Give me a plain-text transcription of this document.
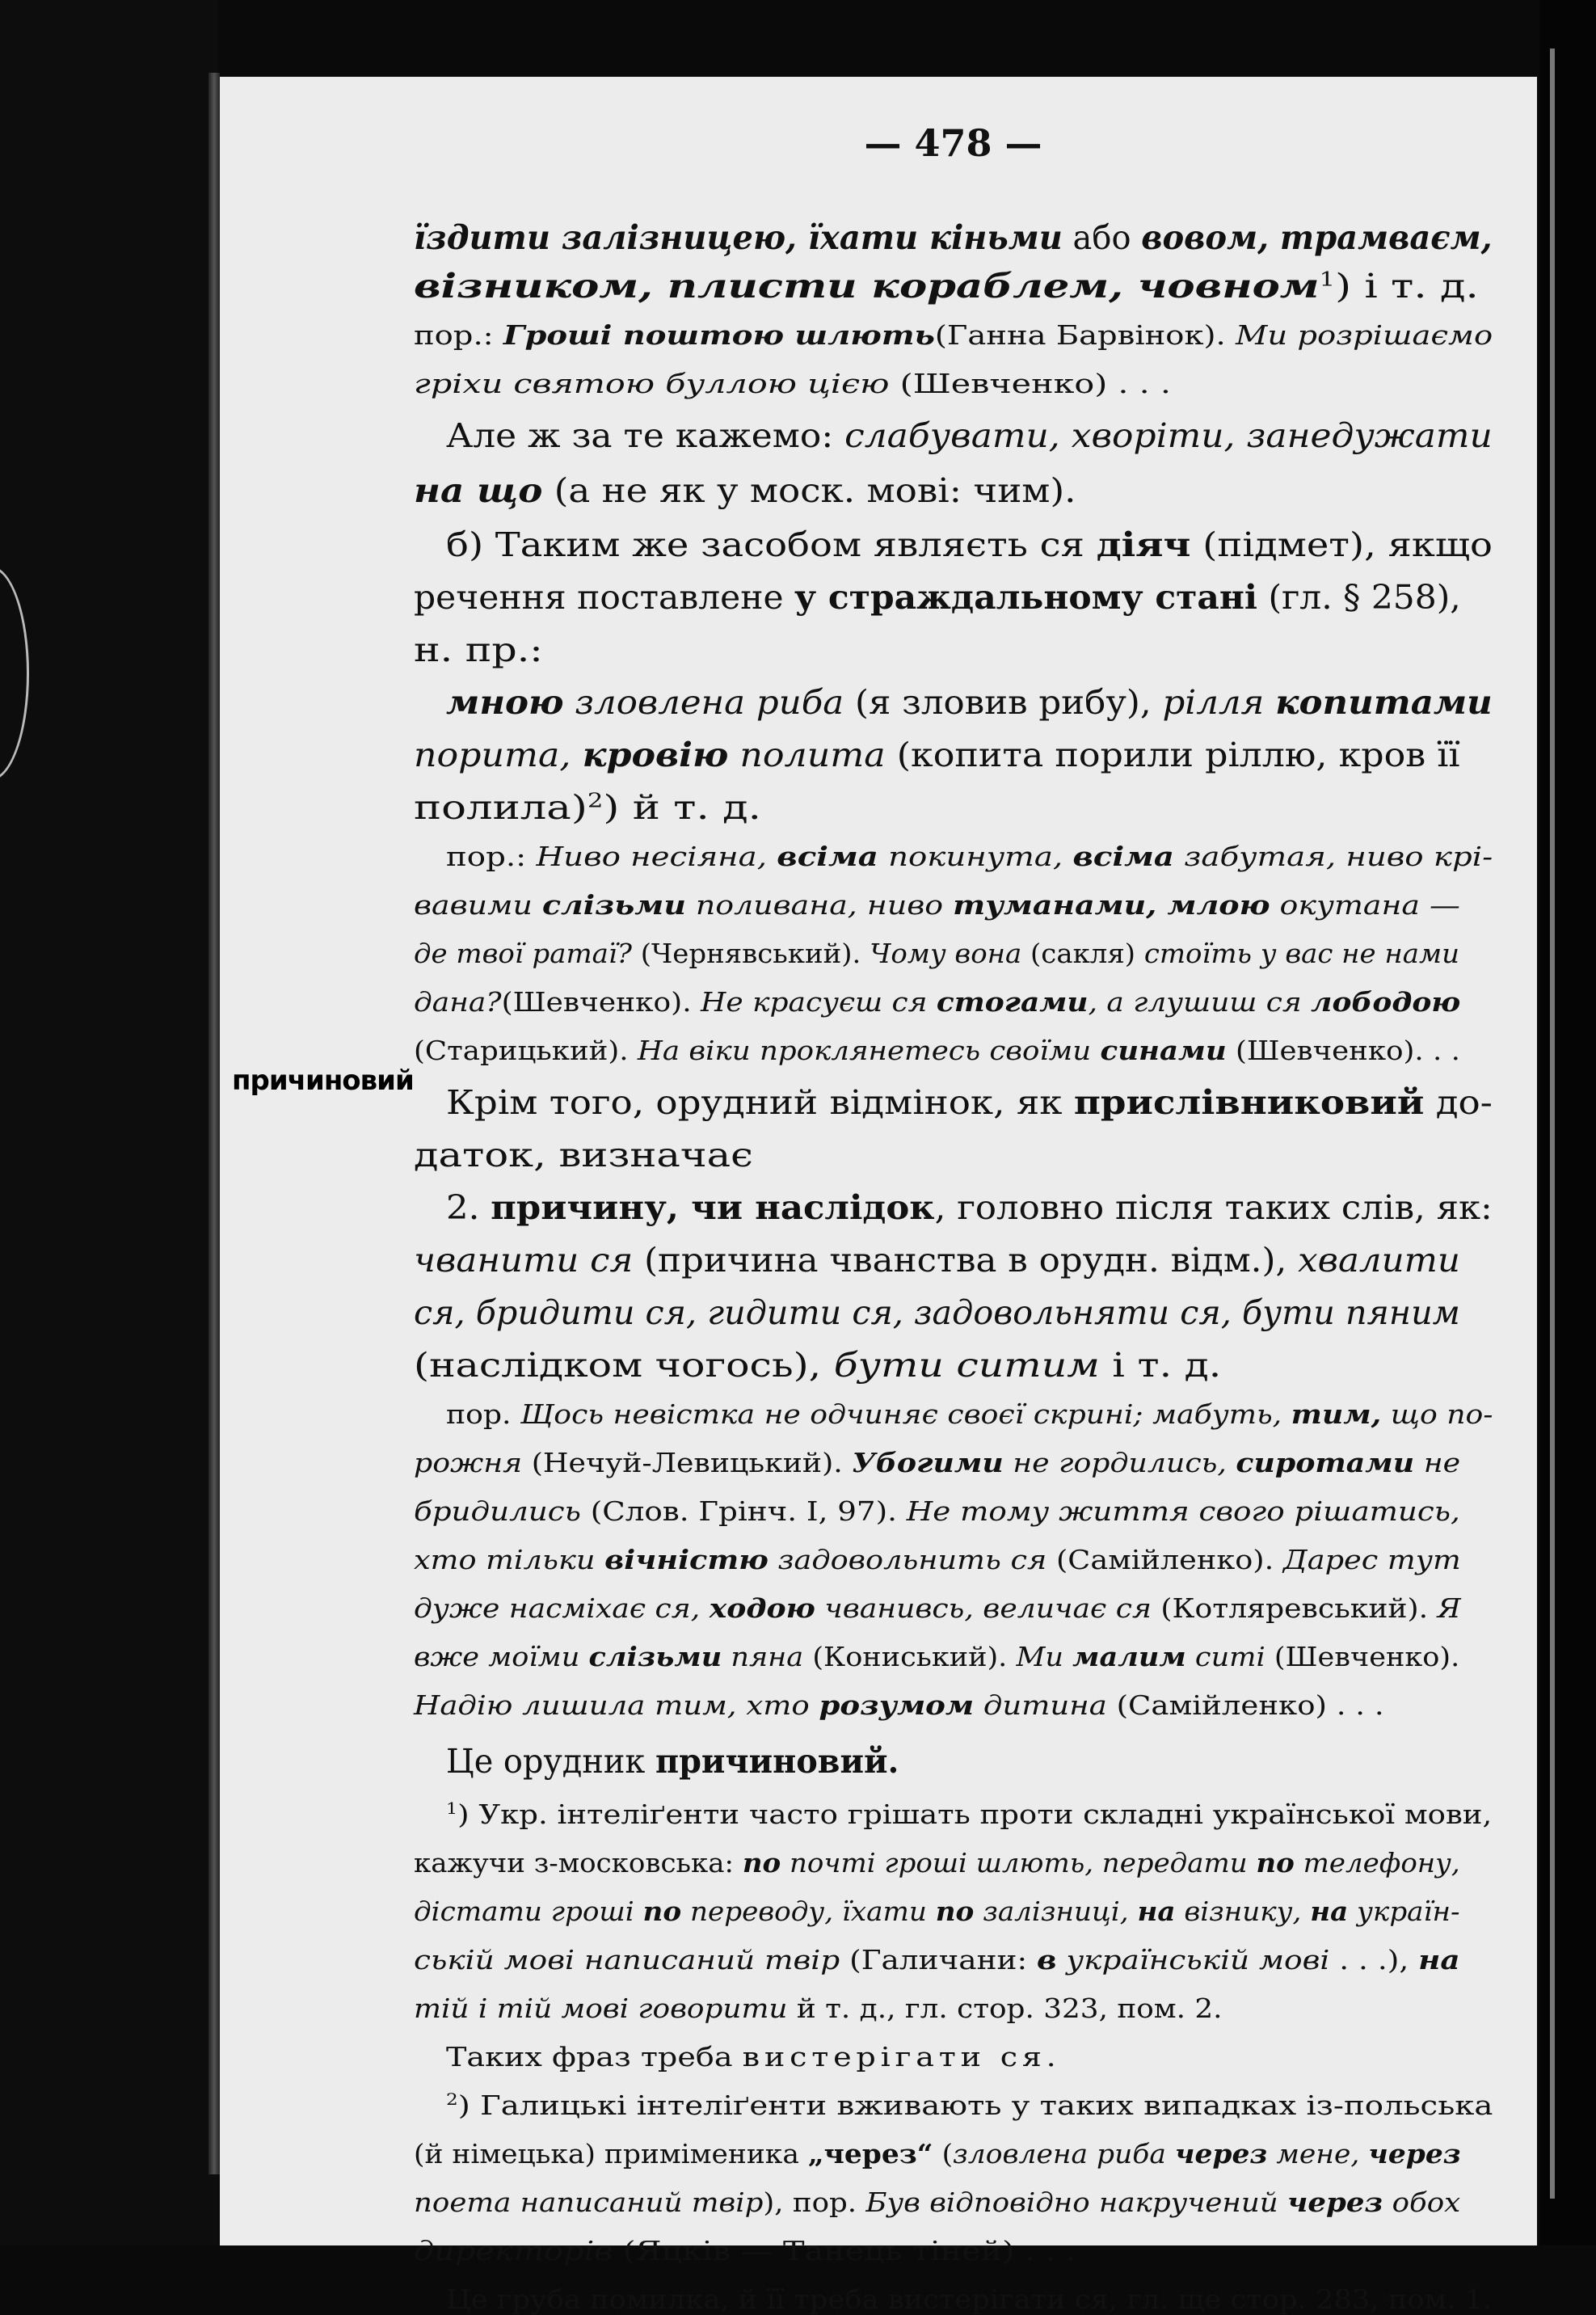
причиновий
— 478 —
їздити залізницею, їхати кіньми або вовом, трамваєм,
візником, плисти кораблем, човном$^1$) і т. д.
пор.: Гроші поштою шлють(Ганна Барвінок). Ми розрішаємо
гріхи святою буллою цією (Шевченко) . . .
Але ж за те кажемо: слабувати, хворіти, занедужати
на що (а не як у моск. мові: чим).
б) Таким же засобом являєть ся діяч (підмет), якщо
речення поставлене у страждальному стані (гл. § 258),
н. пр.:
мною зловлена риба (я зловив рибу), рілля копитами
порита, кровію полита (копита порили ріллю, кров її
полила)$^2$) й т. д.
пор.: Ниво несіяна, всіма покинута, всіма забутая, ниво крі-
вавими слізьми поливана, ниво туманами, млою окутана —
де твої ратаї? (Чернявський). Чому вона (сакля) стоїть у вас не нами
дана?(Шевченко). Не красуєш ся стогами, а глушиш ся лободою
(Старицький). На віки проклянетесь своїми синами (Шевченко). . .
Крім того, орудний відмінок, як прислівниковий до-
даток, визначає
2. причину, чи наслідок, головно після таких слів, як:
чванити ся (причина чванства в орудн. відм.), хвалити
ся, бридити ся, гидити ся, задовольняти ся, бути пяним
(наслідком чогось), бути ситим і т. д.
пор. Щось невістка не одчиняє своєї скрині; мабуть, тим, що по-
рожня (Нечуй-Левицький). Убогими не гордились, сиротами не
бридились (Слов. Грінч. І, 97). Не тому життя свого рішатись,
хто тільки вічністю задовольнить ся (Самійленко). Дарес тут
дуже насміхає ся, ходою чванивсь, величає ся (Котляревський). Я
вже моїми слізьми пяна (Кониський). Ми малим ситі (Шевченко).
Надію лишила тим, хто розумом дитина (Самійленко) . . .
Це орудник причиновий.
$^1$) Укр. інтеліґенти часто грішать проти складні української мови,
кажучи з-московська: по почті гроші шлють, передати по телефону,
дістати гроші по переводу, їхати по залізниці, на візнику, на україн-
ській мові написаний твір (Галичани: в українській мові . . .), на
тій і тій мові говорити й т. д., гл. стор. 323, пом. 2.
Таких фраз треба вистерігати ся.
$^2$) Галицькі інтеліґенти вживають у таких випадках із-польська
(й німецька) приміменика „через“ (зловлена риба через мене, через
поета написаний твір), пор. Був відповідно накручений через обох
директорів (Яцків — Танець тіней) . . .
Це груба помилка, й її треба вистерігати ся, гл. ще стор. 283, пом. 1.
